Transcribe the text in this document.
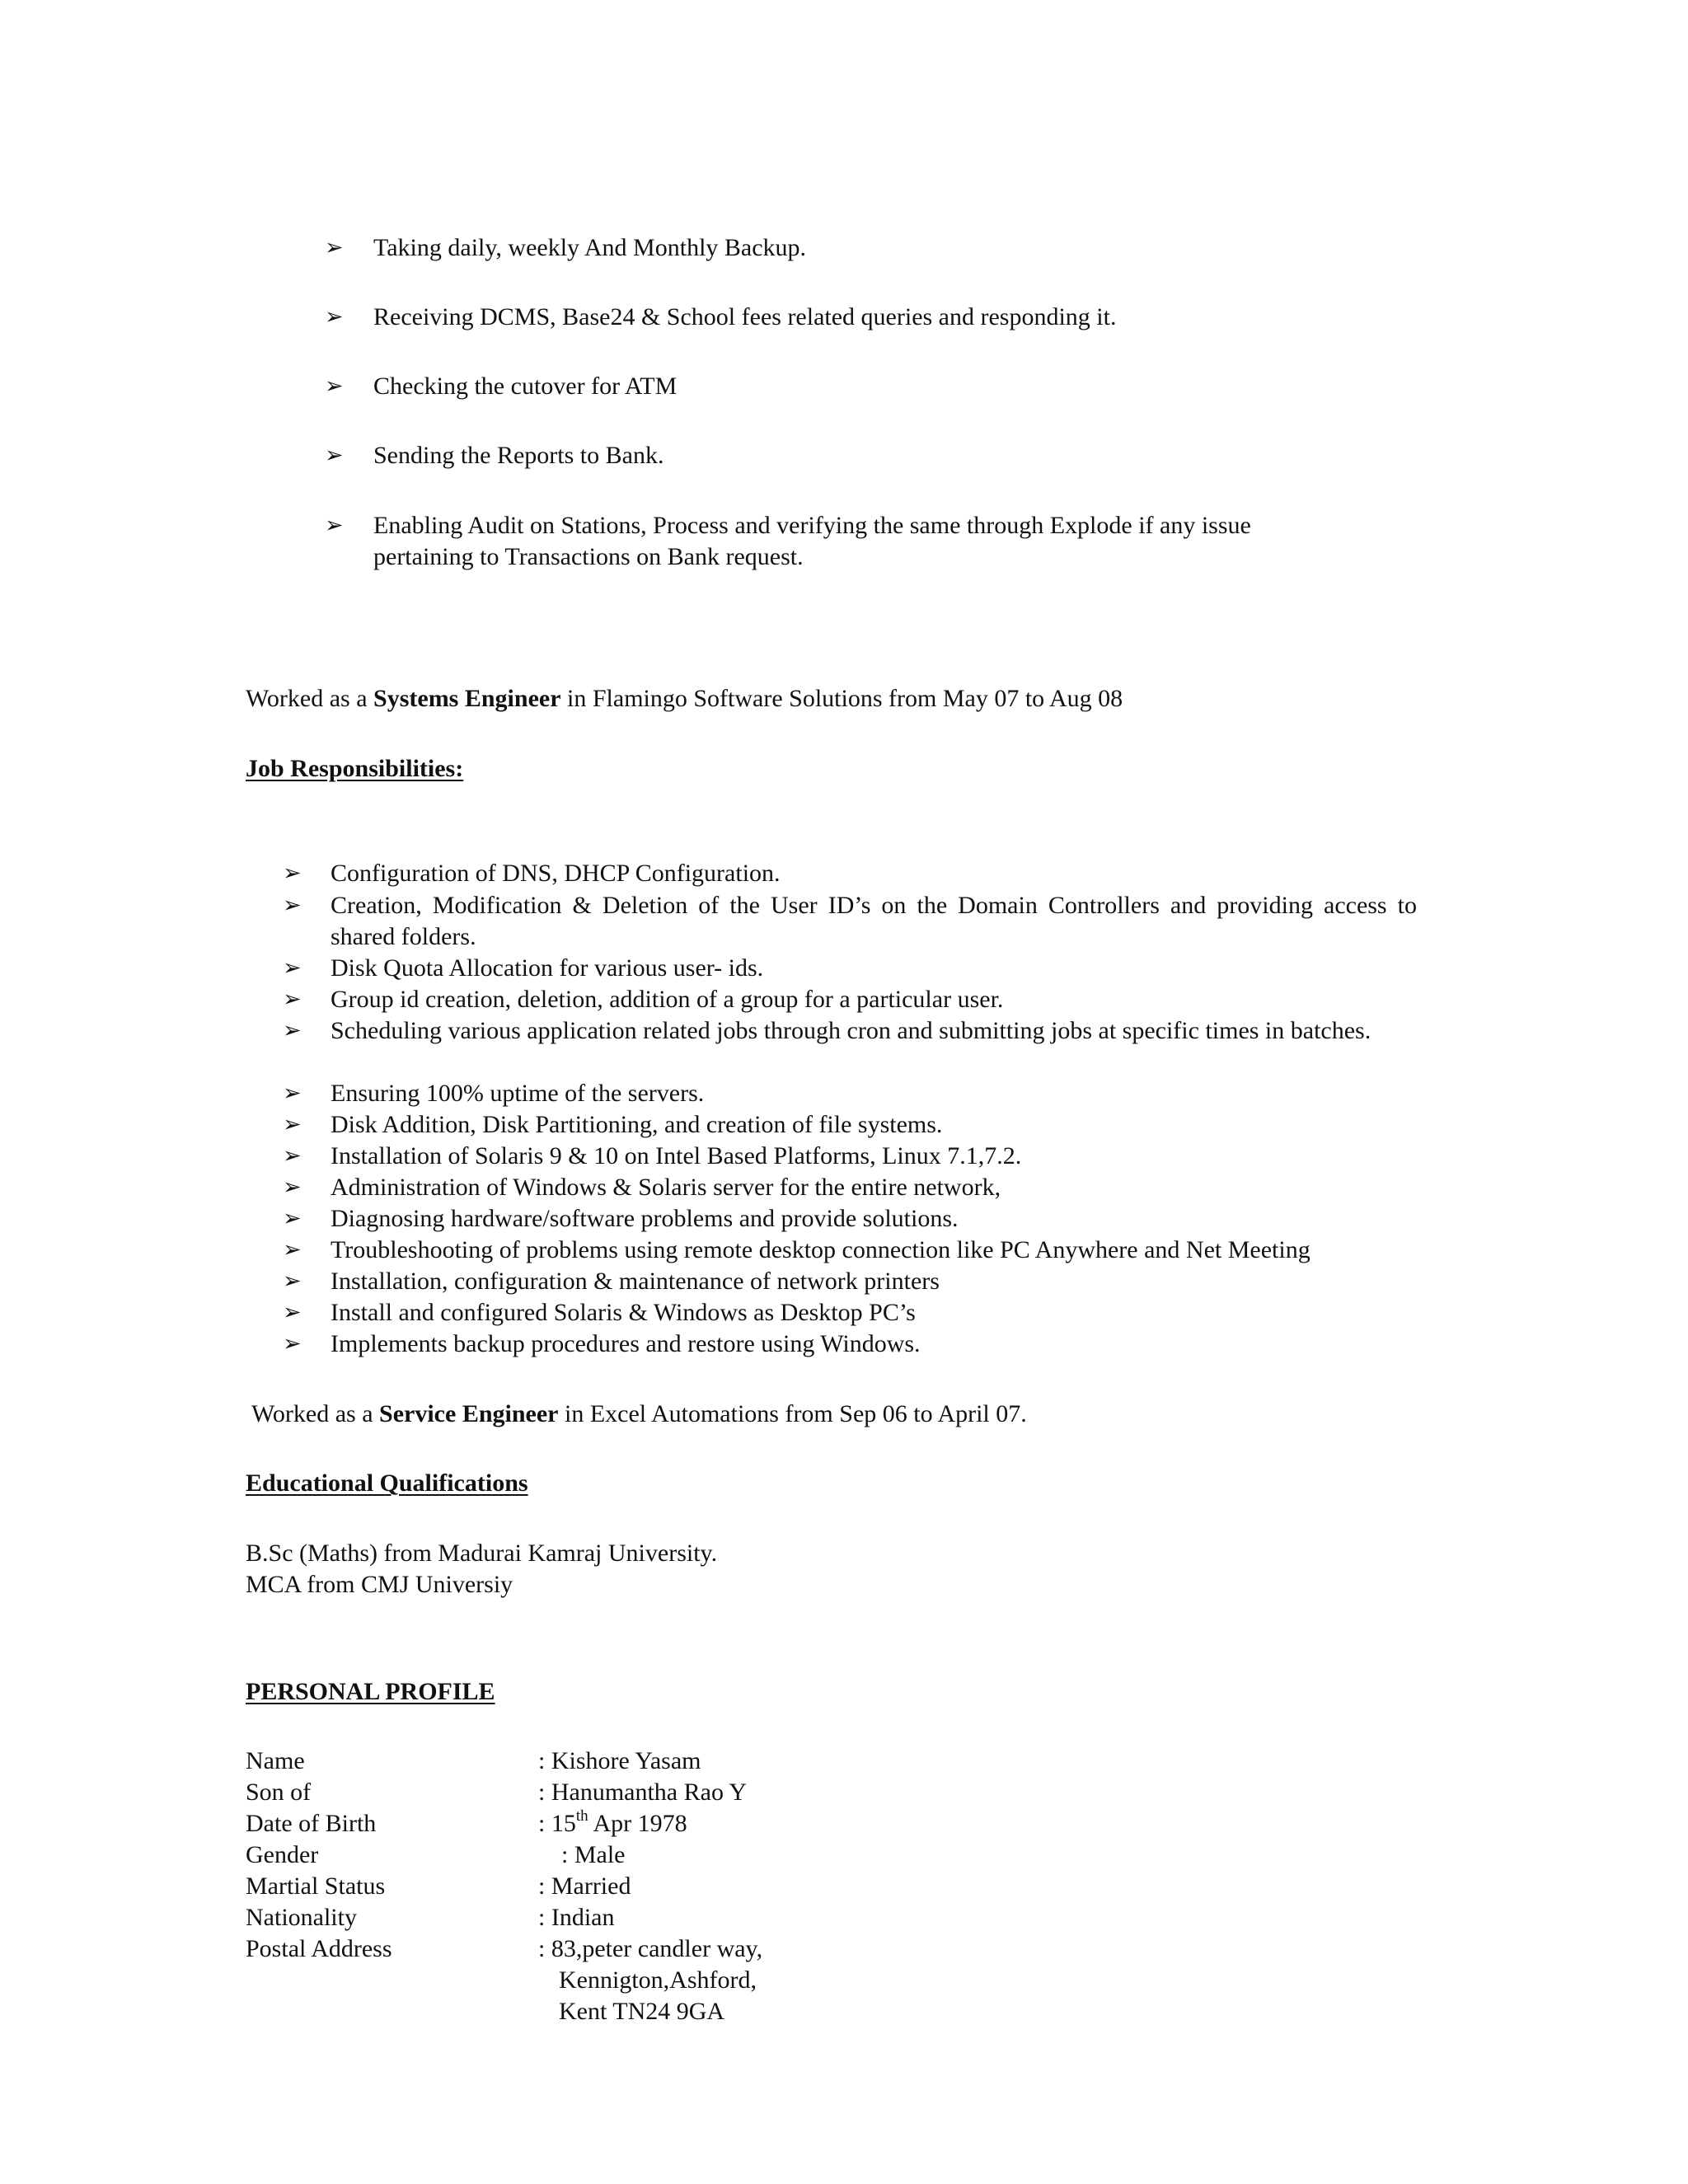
➢ Taking daily, weekly And Monthly Backup.
➢ Receiving DCMS, Base24 & School fees related queries and responding it.
➢ Checking the cutover for ATM
➢ Sending the Reports to Bank.
➢ Enabling Audit on Stations, Process and verifying the same through Explode if any issue
pertaining to Transactions on Bank request.
Worked as a Systems Engineer in Flamingo Software Solutions from May 07 to Aug 08
Job Responsibilities:
➢ Configuration of DNS, DHCP Configuration.
➢ Creation, Modification & Deletion of the User ID’s on the Domain Controllers and providing access to shared folders.
➢ Disk Quota Allocation for various user- ids.
➢ Group id creation, deletion, addition of a group for a particular user.
➢ Scheduling various application related jobs through cron and submitting jobs at specific times in batches.
➢ Ensuring 100% uptime of the servers.
➢ Disk Addition, Disk Partitioning, and creation of file systems.
➢ Installation of Solaris 9 & 10 on Intel Based Platforms, Linux 7.1,7.2.
➢ Administration of Windows & Solaris server for the entire network,
➢ Diagnosing hardware/software problems and provide solutions.
➢ Troubleshooting of problems using remote desktop connection like PC Anywhere and Net Meeting
➢ Installation, configuration & maintenance of network printers
➢ Install and configured Solaris & Windows as Desktop PC’s
➢ Implements backup procedures and restore using Windows.
Worked as a Service Engineer in Excel Automations from Sep 06 to April 07.
Educational Qualifications
B.Sc (Maths) from Madurai Kamraj University.
MCA from CMJ Universiy
PERSONAL PROFILE
Name	: Kishore Yasam
Son of	: Hanumantha Rao Y
Date of Birth	: 15th Apr 1978
Gender	: Male
Martial Status	: Married
Nationality	: Indian
Postal Address	: 83,peter candler way,
Kennigton,Ashford,
Kent TN24 9GA
